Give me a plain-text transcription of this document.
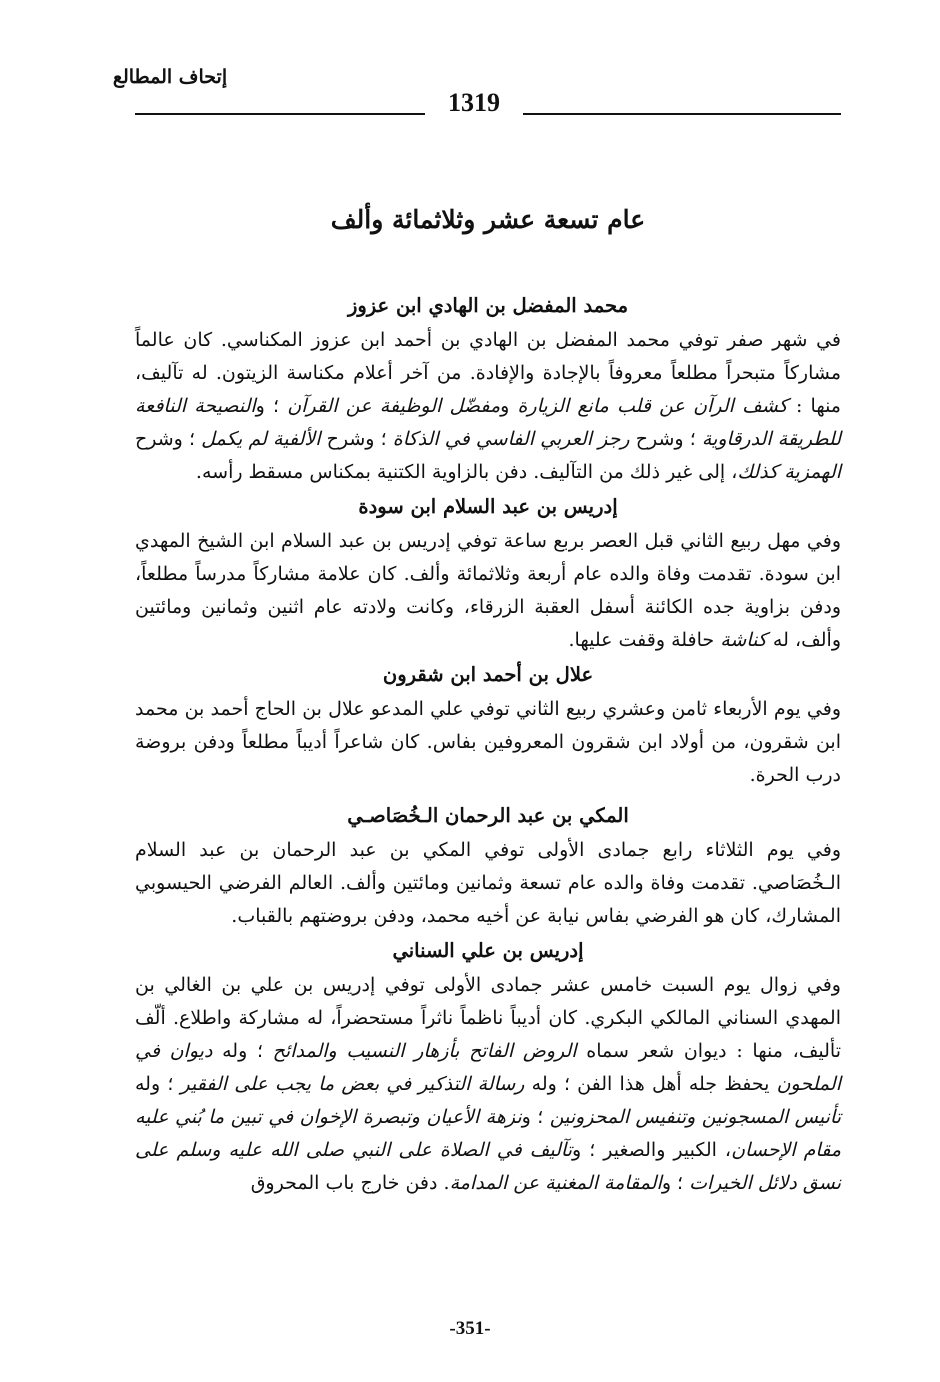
إتحاف المطالع
1319
عام تسعة عشر وثلاثمائة وألف
محمد المفضل بن الهادي ابن عزوز

في شهر صفر توفي محمد المفضل بن الهادي بن أحمد ابن عزوز المكناسي. كان عالماً مشاركاً متبحراً مطلعاً معروفاً بالإجادة والإفادة. من آخر أعلام مكناسة الزيتون. له تآليف، منها : كشف الرآن عن قلب مانع الزيارة ومفضّل الوظيفة عن القرآن ؛ والنصيحة النافعة للطريقة الدرقاوية ؛ وشرح رجز العربي الفاسي في الذكاة ؛ وشرح الألفية لم يكمل ؛ وشرح الهمزية كذلك، إلى غير ذلك من التآليف. دفن بالزاوية الكتنية بمكناس مسقط رأسه.

إدريس بن عبد السلام ابن سودة

وفي مهل ربيع الثاني قبل العصر بربع ساعة توفي إدريس بن عبد السلام ابن الشيخ المهدي ابن سودة. تقدمت وفاة والده عام أربعة وثلاثمائة وألف. كان علامة مشاركاً مدرساً مطلعاً، ودفن بزاوية جده الكائنة أسفل العقبة الزرقاء، وكانت ولادته عام اثنين وثمانين ومائتين وألف، له كناشة حافلة وقفت عليها.

علال بن أحمد ابن شقرون

وفي يوم الأربعاء ثامن وعشري ربيع الثاني توفي علي المدعو علال بن الحاج أحمد بن محمد ابن شقرون، من أولاد ابن شقرون المعروفين بفاس. كان شاعراً أديباً مطلعاً ودفن بروضة درب الحرة.

المكي بن عبد الرحمان الـخُصَاصـي

وفي يوم الثلاثاء رابع جمادى الأولى توفي المكي بن عبد الرحمان بن عبد السلام الـخُصَاصي. تقدمت وفاة والده عام تسعة وثمانين ومائتين وألف. العالم الفرضي الحيسوبي المشارك، كان هو الفرضي بفاس نيابة عن أخيه محمد، ودفن بروضتهم بالقباب.

إدريس بن علي السناني

وفي زوال يوم السبت خامس عشر جمادى الأولى توفي إدريس بن علي بن الغالي بن المهدي السناني المالكي البكري. كان أديباً ناظماً ناثراً مستحضراً، له مشاركة واطلاع. ألّف تأليف، منها : ديوان شعر سماه الروض الفاتح بأزهار النسيب والمدائح ؛ وله ديوان في الملحون يحفظ جله أهل هذا الفن ؛ وله رسالة التذكير في بعض ما يجب على الفقير ؛ وله تأنيس المسجونين وتنفيس المحزونين ؛ ونزهة الأعيان وتبصرة الإخوان في تبين ما بُني عليه مقام الإحسان، الكبير والصغير ؛ وتآليف في الصلاة على النبي صلى الله عليه وسلم على نسق دلائل الخيرات ؛ والمقامة المغنية عن المدامة. دفن خارج باب المحروق

-351-
